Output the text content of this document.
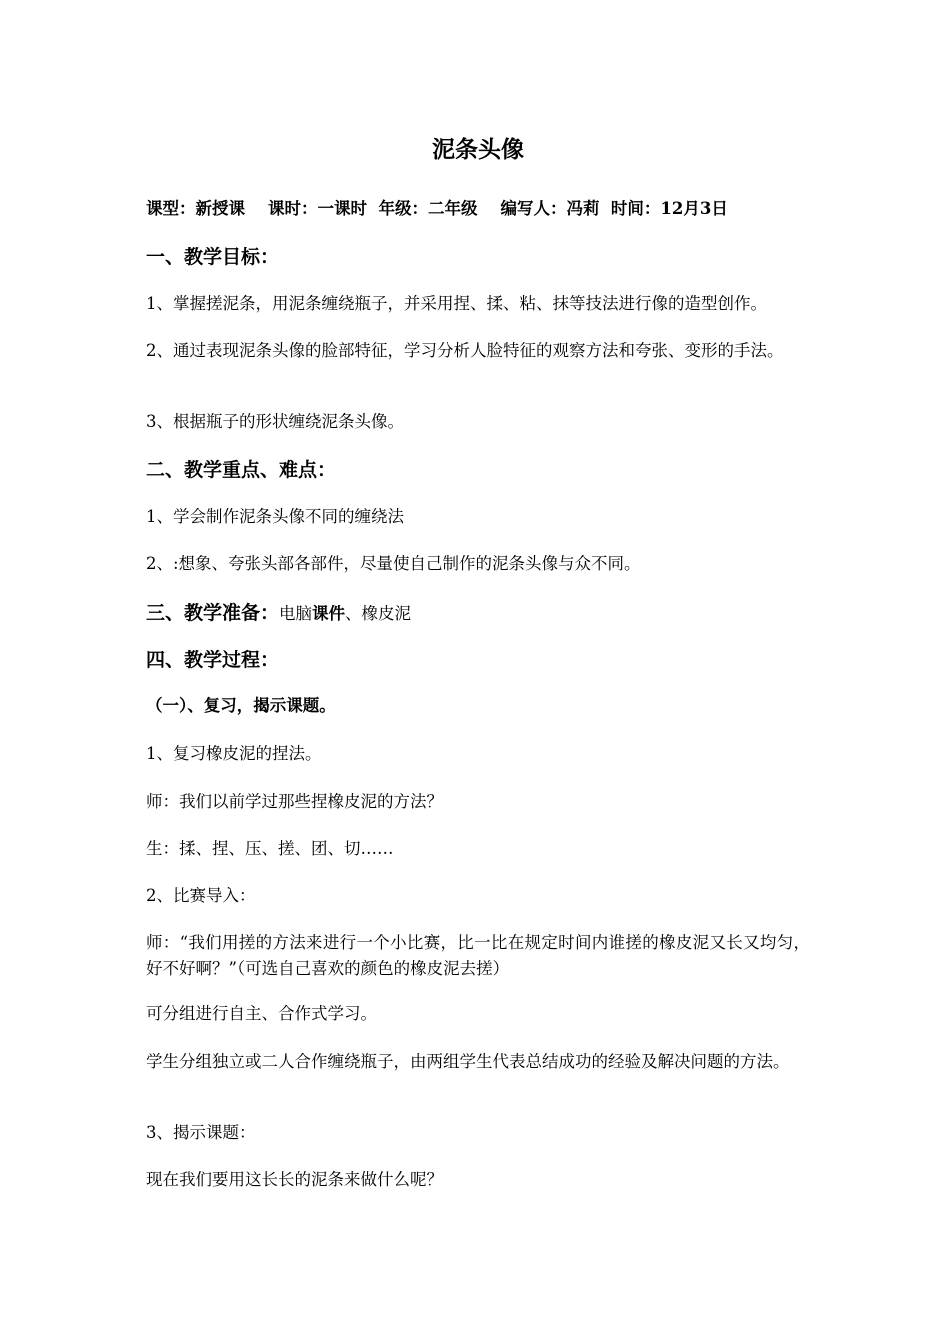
泥条头像

课型：新授课    课时：一课时  年级：二年级    编写人：冯莉  时间：12月3日

一、教学目标：

1、掌握搓泥条，用泥条缠绕瓶子，并采用捏、揉、粘、抹等技法进行像的造型创作。

2、通过表现泥条头像的脸部特征，学习分析人脸特征的观察方法和夸张、变形的手法。

3、根据瓶子的形状缠绕泥条头像。

二、教学重点、难点：

1、学会制作泥条头像不同的缠绕法

2、:想象、夸张头部各部件，尽量使自己制作的泥条头像与众不同。

三、教学准备：电脑课件、橡皮泥
四、教学过程：

（一）、复习，揭示课题。

1、复习橡皮泥的捏法。

师：我们以前学过那些捏橡皮泥的方法？

生：揉、捏、压、搓、团、切……

2、比赛导入：

师：“我们用搓的方法来进行一个小比赛，比一比在规定时间内谁搓的橡皮泥又长又均匀，好不好啊？”（可选自己喜欢的颜色的橡皮泥去搓）

可分组进行自主、合作式学习。

学生分组独立或二人合作缠绕瓶子，由两组学生代表总结成功的经验及解决问题的方法。

3、揭示课题：

现在我们要用这长长的泥条来做什么呢？
